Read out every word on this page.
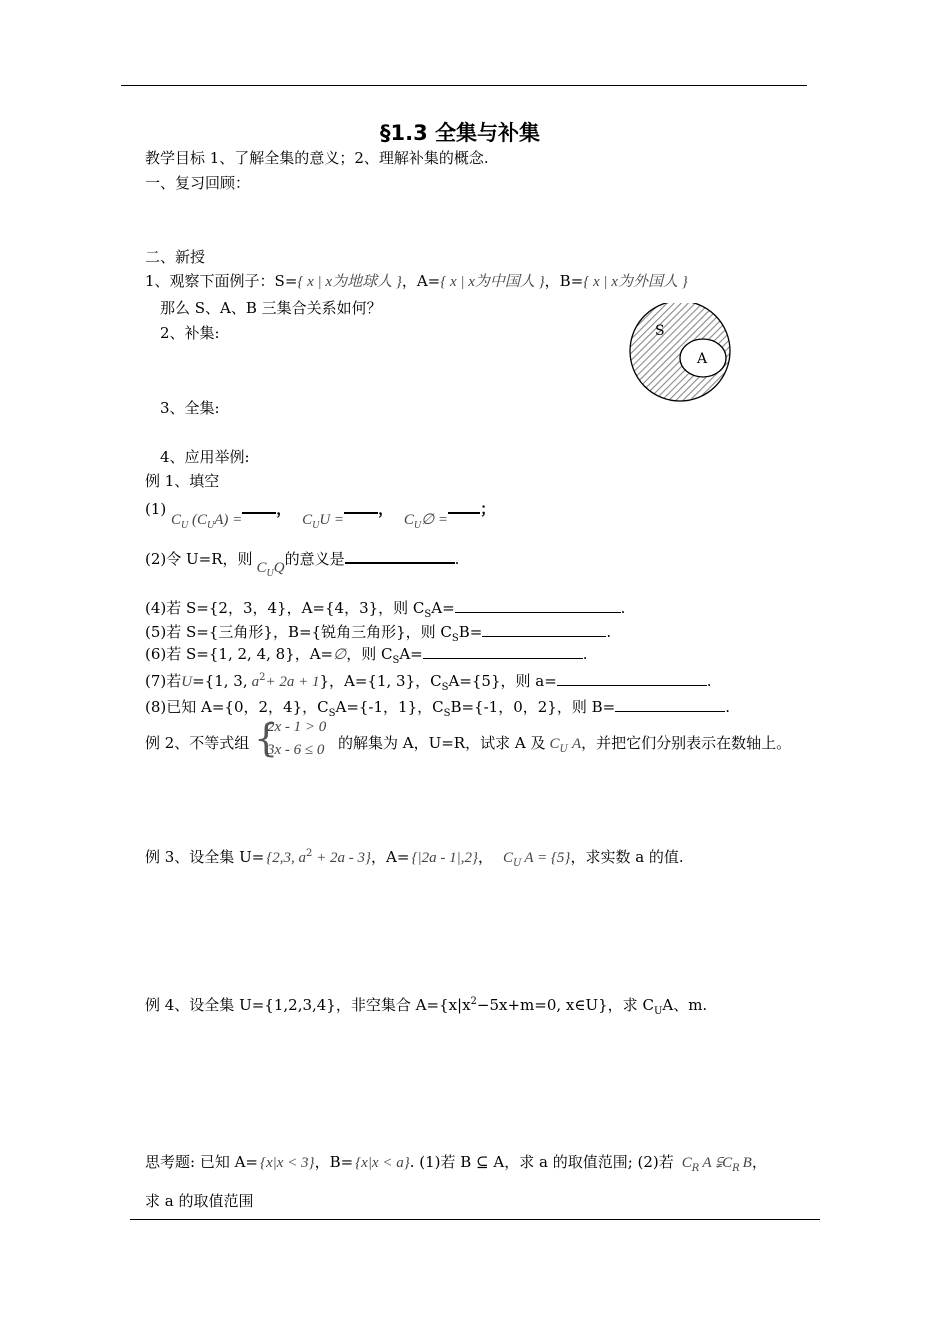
§1.3 全集与补集
教学目标 1、了解全集的意义；2、理解补集的概念.
一、复习回顾：
二、新授
1、观察下面例子：S={ x | x为地球人 }，A={ x | x为中国人 }，B={ x | x为外国人 }
那么 S、A、B 三集合关系如何？
2、补集:
3、全集:
4、应用举例:
S
A
例 1、填空
(1) $C_U$ $(C_UA)$ =， $C_UU$ =， $C_U\emptyset$ =；
(2)令 U=R，则 $C_UQ$的意义是	.
(4)若 S={2，3，4}，A={4，3}，则 $C_SA=$	.
(5)若 S={三角形}，B={锐角三角形}，则 $C_SB=$	.
(6)若 S={1, 2, 4, 8}，A=∅，则 $C_SA=$	.
(7)若U={1, 3, $a^2+ 2a + 1$}，A={1, 3}，$C_SA=\{5\}$，则 a=	.
(8)已知 A={0，2，4}，$C_SA=\{-1$，1}，$C_SB=\{-1$，0，2}，则 B=	.
例 2、不等式组 {
2x - 1 > 0
3x - 6 ≤ 0 的解集为 A，U=R，试求 A 及 $C_U$ A，并把它们分别表示在数轴上。
例 3、设全集 U= {2,3, $a^2 + 2a - 3$}，A= {|2a - 1|,2}， $C_U$ A = {5}，求实数 a 的值.
例 4、设全集 U={1,2,3,4}，非空集合 $A=\{x|x^2-5x+m=0$, x∈U}，求 $C_UA$、m.
思考题: 已知 A= {x|x < 3}，B= {x|x < a}. (1)若 B ⊆ A，求 a 的取值范围; (2)若 $C_R$ A $⫋C_R$ B，
求 a 的取值范围
